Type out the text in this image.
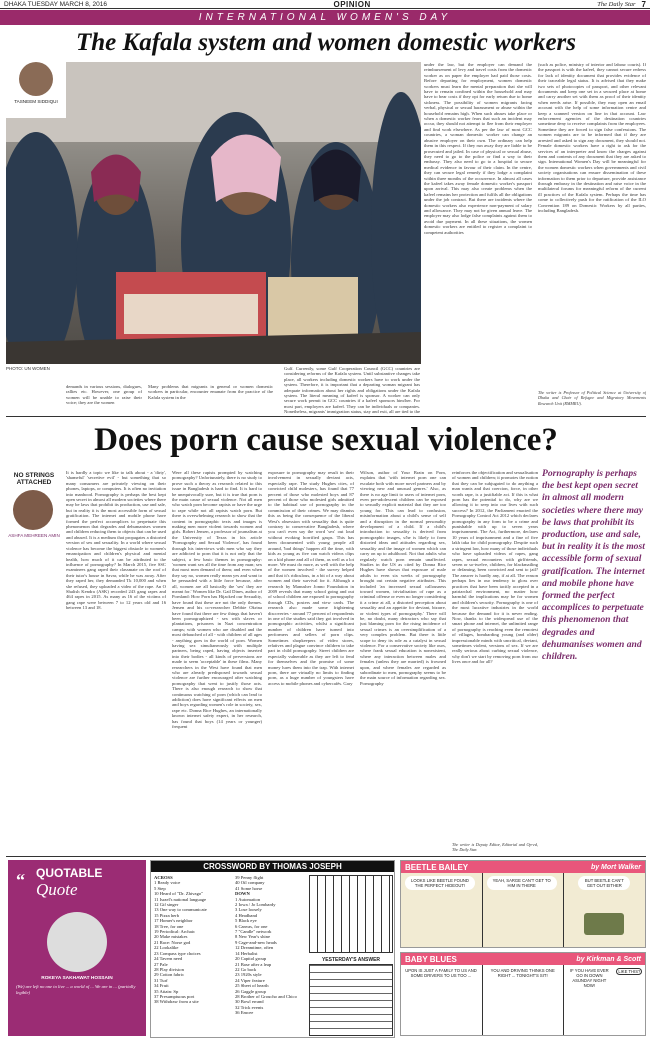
DHAKA TUESDAY MARCH 8, 2016	OPINION	The Daily Star 7
INTERNATIONAL WOMEN'S DAY
The Kafala system and women domestic workers
PHOTO: UN WOMEN
TASNEEM SIDDIQUI
demands in various sessions, dialogues, rallies etc. However, one group of women will be unable to raise their voice; they are the women
Many problems that migrants in general or women domestic workers in particular, encounter emanate from the practice of the Kafala system in the
under the law, but the employer can demand the reimbursement of levy and travel costs from the domestic worker as on paper the employer had paid those costs. Before departing for employment, women domestic workers must learn the mental preparation that she will have to remain confined within the household and may have to bear costs if they opt for early return due to home sickness. The possibility of women migrants facing verbal, physical or sexual harassment or abuse within the household remains high. When such abuses take place or when a domestic worker fears that such an incident may occur, they should not attempt to flee from their employer and find work elsewhere. As per the law of most GCC countries, a woman domestic worker can change an abusive employer on their own. The ordinary can help them in this respect. If they run away they are liable to be prosecuted and jailed. In case of physical or sexual abuse, they need to go to the police or find a way to their embassy. They also need to go to a hospital to secure medical evidence in favour of their claim. In the centre, they can secure legal remedy if they lodge a complaint within three months of the occurrence. In almost all cases the kafeel takes away female domestic worker's passport upon arrival. This may also create problems when the kafeel remains her protection and fulfils all the obligations under the job contract. But there are incidents where the domestic workers also experience non-payment of salary and allowance. They may not be given annual leave. The employer may also lodge false complaints against them to avoid due payment. In all these situations, the women domestic workers are entitled to register a complaint to competent authorities
(such as police, ministry of interior and labour courts). If the passport is with the kafeel, they cannot secure redress for lack of identity document that provides evidence of their traceable legal status. It is advised that they make two sets of photocopies of passport, and other relevant documents and keep one set in a secured place at home and carry another set with them as proof of their identity when needs arise. If possible, they may open an email account with the help of some information centre and keep a scanned version on line in that account. Law enforcement agencies of the destination countries sometime deny to receive complaints from the employees. Sometime they are forced to sign false confessions. The women migrants are to be informed that if they are arrested and asked to sign any document, they should not. Female domestic workers have a right to ask for the services of an interpreter and know the charges against them and contents of any document that they are asked to sign. International Women's Day will be meaningful for the women domestic workers when governments and civil society organisations can ensure dissemination of these information to them prior to departure, provide assistance through embassy in the destination and raise voice in the multilateral forums for meaningful reform of the current ill practices of the Kafala system. Perhaps the time has come to collectively push for the ratification of the ILO Convention 189 on Domestic Workers by all parties, including Bangladesh.
The writer is Professor of Political Science at University of Dhaka and Chair of Refugee and Migratory Movements Research Unit (RMMRU).
Gulf. Currently, some Gulf Cooperation Council (GCC) countries are considering reforms of the Kafala system. Until substantive changes take place, all workers including domestic workers have to work under the system. Therefore, it is important that a departing woman migrant has adequate information about her rights and obligations under the Kafala system. The literal meaning of kafeel is sponsor. A worker can only secure work permit in GCC countries if a kafeel sponsors him/her. For most part, employers are kafeel. They can be individuals or companies. Nonetheless, migrants' immigration status, stay and exit, all are tied to the
Does porn cause sexual violence?
NO STRINGS ATTACHED
ASHFA MEHREEN AMIN
It is hardly a topic we like to talk about - a 'dirty', 'shameful' 'secretive evil' - but something that so many consumers are privately viewing on their phones, laptops, or computers. It is often no invitation into manhood. Pornography is perhaps the best kept open secret in almost all modern societies where there may be laws that prohibit its production, use and sale, but in reality it is the most accessible form of sexual gratification. The internet and mobile phone have formed the perfect accomplices to perpetuate this phenomenon that degrades and dehumanises women and children reducing them to objects that can be used and abused. It is a medium that propagates a distorted version of sex and sexuality. In a world where sexual violence has become the biggest obstacle to women's emancipation and children's physical and mental health, how much of it can be attributed to the influence of pornography? In March 2015, five SSC examinees gang raped their classmate on the roof of their tutor's house in Savar, while he was away. After they raped her, they demanded Tk 10,000 and when she refused, they uploaded a video of the rape. An O Shalish Kendra (ASK) recorded 243 gang rapes and 464 rapes in 2015. As many as 16 of the victims of gang rape were between 7 to 12 years old and 16 between 13 and 18.
Were all these rapists prompted by watching pornography? Unfortunately, there is no study to prove such a theory as research related to this issue in Bangladesh is hard to find. It is hard to be unequivocally sure, but it is true that porn is the main cause of sexual violence. Not all men who watch porn become rapists or have the urge to rape while not all rapists watch porn. But there is overwhelming research to show that the content in pornographic texts and images is making men more violent towards women and girls. Robert Jensen, a professor of journalism at the University of Texas in his article 'Pornography and Sexual Violence', has found through his interviews with men who say they are addicted to porn that it is not only that the subject, a few basic themes in pornography: 'women want sex all the time from any man; sex that most men demand of them; and even when they say no, women really mean yes and want to be persuaded with a little force because, after all, women are all basically the 'sex' they are meant for.' Women like Dr. Gail Dines, author of Pornland: How Porn has Hijacked our Sexuality, have found that these are not the only themes. Jensen and his co-researcher Debbie Okrina have found that there are few things that haven't been pornographized - sex with slaves or plantations, prisoners in Nazi concentration camps; with women who are disabled and the most debauched of all - with children of all ages - anything goes in the world of porn. Women having sex simultaneously with multiple partners, being raped, having objects inserted into their bodies - all kinds of perversions are made to seem 'acceptable' in these films. Many researchers in the West have found that men who are already predisposed towards sexual violence are further encouraged after watching pornography that went to justify those acts. There is also enough research to show that continuous watching of porn (which can lead to addiction) does have significant effects on men and boys regarding women's role in society, sex, rape etc. Donna Rice Hughes, an internationally known internet safety expert, in her research, has found that boys (14 years or younger) frequent
exposure to pornography may result in their involvement in sexually deviant acts, especially rape. The study Hughes cites, of convicted child molesters, has found that 77 percent of those who molested boys and 87 percent of those who molested girls admitted to the habitual use of pornography in the commission of their crimes. We may dismiss this as being the consequence of the liberal West's obsession with sexuality that is quite contrary to conservative Bangladesh, where you can't even say the word 'sex' out loud without evoking horrified gasps. This has been documented with young people all around, 'bad things' happen all the time, with kids as young as five can watch videos clips on a kid phone and all of them, as well as a lot more. We must do more, as well with the help of the women involved - the survey helped and that it's ridiculous, in a bit of a way about women and their survival for it. Although a research by Manusher Jonno Foundation in 2009 reveals that many school going and out of school children are exposed to pornography through CDs, posters and view cards. The research also made some frightening discoveries - around 77 percent of respondents in one of the studies said they got involved in pornographic activities, whilst a significant number of children have turned into performers and sellers of porn clips. Sometimes shopkeepers of video stores, relatives and plague convince children to take part in child pornography. Street children are especially vulnerable as they are left to fend for themselves and the promise of some money lures them into the trap. With internet porn, there are virtually no limits to finding porn, as a huge number of youngsters have access to mobile phones and cybercafés. Gary
Wilson, author of Your Brain on Porn, explains that 'with internet porn one can escalate both with more novel partners and by viewing new and unusual genres.' Also, as there is no age limit to users of internet porn, even pre-adolescent children can be exposed to sexually explicit material that they are too young for. This can lead to confusion, misinformation about a child's sense of self and a disruption in the normal personality development of a child. If a child's introduction to sexuality is derived from pornographic images, s/he is likely to form distorted ideas and attitudes regarding sex, sexuality and the image of women which can carry on up to adulthood. Not that adults who regularly watch porn remain unaffected. Studies in the US as cited by Donna Rice Hughes have shown that exposure of male adults to even six weeks of pornography brought out certain negative attributes. This included 'an increased sexual callousness toward women, trivialisation of rape as a criminal offense or even no longer considering it a crime at all, a distorted perception about sexuality and an appetite for deviant, bizarre, or violent types of pornography.' There will be, no doubt, many detractors who say that just blaming porn for the rising incidence of sexual crimes is an oversimplification of a very complex problem. But there is little scope to deny its role as a catalyst in sexual violence. For a conservative society like ours, where frank sexual education is nonexistent, where any interaction between males and females (unless they are married) is frowned upon, and where females are regarded as subordinate to men, pornography seems to be the main source of information regarding sex. Pornography
reinforces the objectification and sexualisation of women and children; it promotes the notion that they can be subjugated to do anything a man wants and that coercion, force, in other words rape, is a justifiable act. If this is what porn has the potential to do, why are we allowing it to seep into our lives with such success? In 2012, the Parliament enacted the Pornography Control Act 2012 which declares pornography in any form to be a crime and punishable with up to seven years imprisonment. The Act, furthermore, declares 10 years of imprisonment and a fine of five lakh taka for child pornography. Despite such a stringent law, how many of those individuals who have uploaded videos of rapes, gang rapes, sexual encounters with girlfriends, seven or so-twelve, children, for blackmailing or defaming, been convicted and sent to jail? The answer is hardly any, if at all. The reason perhaps lies in our tendency to gloss over practices that have been tacitly accepted in a patriarchal environment, no matter how harmful the implications may be for women and children's security. Pornography is one of the most lucrative industries in the world because the demand for it is never ending. Now, thanks to the widespread use of the smart phone and internet, the unlimited range of pornography is reaching even the remotest of villages, bombarding young (and older) impressionable minds with uncritical, deviant, sometimes violent, versions of sex. If we are really serious about curbing sexual violence, why don't we start by removing porn from our lives once and for all?
The writer is Deputy Editor, Editorial and Op-ed, The Daily Star.
Pornography is perhaps the best kept open secret in almost all modern societies where there may be laws that prohibit its production, use and sale, but in reality it is the most accessible form of sexual gratification. The internet and mobile phone have formed the perfect accomplices to perpetuate this phenomenon that degrades and dehumanises women and children.
QUOTABLE
Quote
“
ROKEYA SAKHAWAT HOSSAIN
(We) are left no one to live ... a world of ... We are in ... (partially legible)
CROSSWORD BY THOMAS JOSEPH
ACROSS
1 Ready voice
5 Step
10 Heard of "Dr. Zhivago"
11 Israel's national language
12 Gif singer
13 One way to communicate
15 Pizza herb
17 Homer's neighbor
18 Tree, for one
19 Periodical: Archaic
20 Make mistakes
21 Race: Norse god
22 Lookalike
23 Compass type choices
24 Tavern need
27 Pale
28 Play division
29 Cotton fabric
31 Turf
34 Fruit
35 Attain: Sp
37 Presumptuous port
38 Withdraw from a site
39 Penny flight
40 Oil company
41 Some horse
DOWN
1 Automation
2 Iowa / Jo Lombardy
3 Lose loosely
4 Headband
5 Black eye
6 Canvas, for one
7 "Candle" network
8 New Year's shine
9 Cage-and-new heads
12 Dreamtime, often
14 Herbalist
20 Capitol group
21 Base after a leap
22 Go back
23 1920s style
24 Viper feature
25 Sheet of hearth
26 Gaggle group
28 Brother of Groucho and Chico
30 Bowl errand
32 Trick events
36 Emcee
YESTERDAY'S ANSWER
BEETLE BAILEY	by Mort Walker
LOOKS LIKE BEETLE FOUND THE PERFECT HIDEOUT!
YEAH, SARGE CAN'T GET TO HIM IN THERE
BUT BEETLE CAN'T GET OUT EITHER
BABY BLUES	by Kirkman & Scott
UPON IS JUST A FAMILY TO US AND SOME DRIVERS TO US TOO ...
YOU AND DRIVING THINKS ONE RIGHT ... TONIGHT'S SIT!
IF YOU HAVE EVER GO IN DOWN ASUNDAY NIGHT NOW!
LIKE THIS?
